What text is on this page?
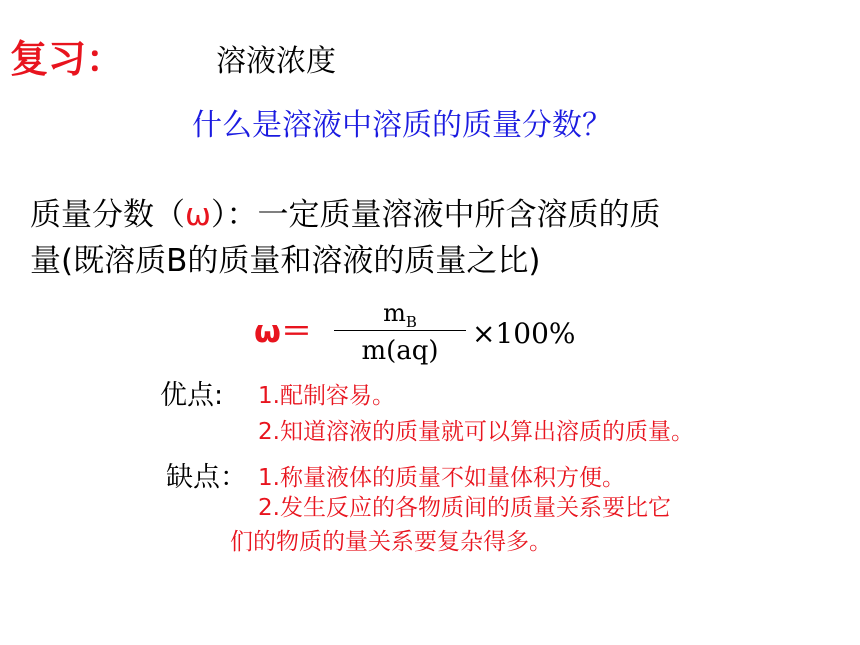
复习：	溶液浓度
什么是溶液中溶质的质量分数？
质量分数（ω）：一定质量溶液中所含溶质的质
量(既溶质B的质量和溶液的质量之比)
ω＝
$m_B$
m(aq)
×100%
优点: 1.配制容易。
2.知道溶液的质量就可以算出溶质的质量。
缺点： 1.称量液体的质量不如量体积方便。
2.发生反应的各物质间的质量关系要比它
们的物质的量关系要复杂得多。
